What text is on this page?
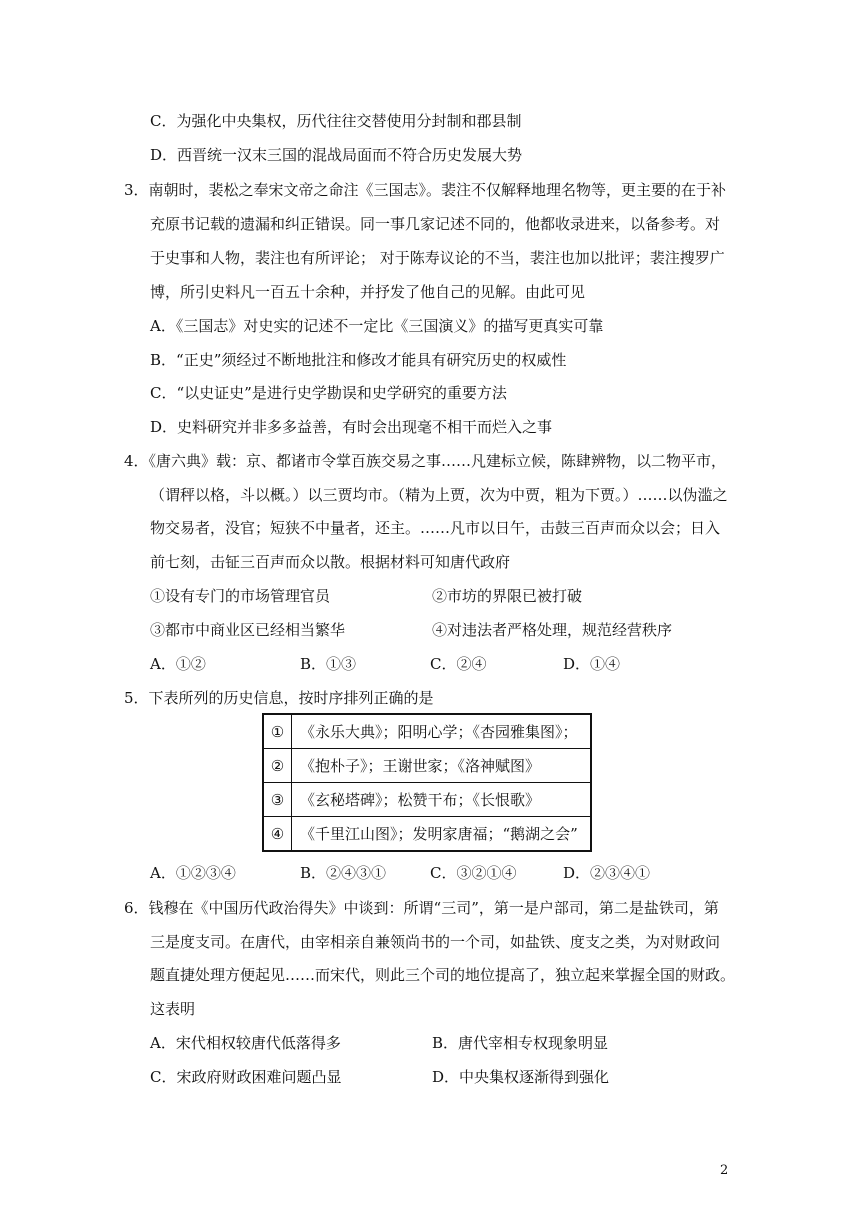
C．为强化中央集权，历代往往交替使用分封制和郡县制
D．西晋统一汉末三国的混战局面而不符合历史发展大势
3．南朝时，裴松之奉宋文帝之命注《三国志》。裴注不仅解释地理名物等，更主要的在于补
充原书记载的遗漏和纠正错误。同一事几家记述不同的，他都收录进来，以备参考。对
于史事和人物，裴注也有所评论； 对于陈寿议论的不当，裴注也加以批评；裴注搜罗广
博，所引史料凡一百五十余种，并抒发了他自己的见解。由此可见
A．《三国志》对史实的记述不一定比《三国演义》的描写更真实可靠
B．“正史”须经过不断地批注和修改才能具有研究历史的权威性
C．“以史证史”是进行史学勘误和史学研究的重要方法
D．史料研究并非多多益善，有时会出现毫不相干而烂入之事
4．《唐六典》载：京、都诸市令掌百族交易之事……凡建标立候，陈肆辨物，以二物平市，
（谓秤以格，斗以概。）以三贾均市。（精为上贾，次为中贾，粗为下贾。）……以伪滥之
物交易者，没官；短狭不中量者，还主。……凡市以日午，击鼓三百声而众以会；日入
前七刻，击钲三百声而众以散。根据材料可知唐代政府
①设有专门的市场管理官员	②市坊的界限已被打破
③都市中商业区已经相当繁华	④对违法者严格处理，规范经营秩序
A．①②	B．①③	C．②④	D．①④
5．下表所列的历史信息，按时序排列正确的是
①	《永乐大典》；阳明心学；《杏园雅集图》；
②	《抱朴子》；王谢世家；《洛神赋图》
③	《玄秘塔碑》；松赞干布；《长恨歌》
④	《千里江山图》；发明家唐福；“鹅湖之会”
A．①②③④	B．②④③①	C．③②①④	D．②③④①
6．钱穆在《中国历代政治得失》中谈到：所谓“三司”，第一是户部司，第二是盐铁司，第
三是度支司。在唐代，由宰相亲自兼领尚书的一个司，如盐铁、度支之类，为对财政问
题直捷处理方便起见……而宋代，则此三个司的地位提高了，独立起来掌握全国的财政。
这表明
A．宋代相权较唐代低落得多	B．唐代宰相专权现象明显
C．宋政府财政困难问题凸显	D．中央集权逐渐得到强化
2
